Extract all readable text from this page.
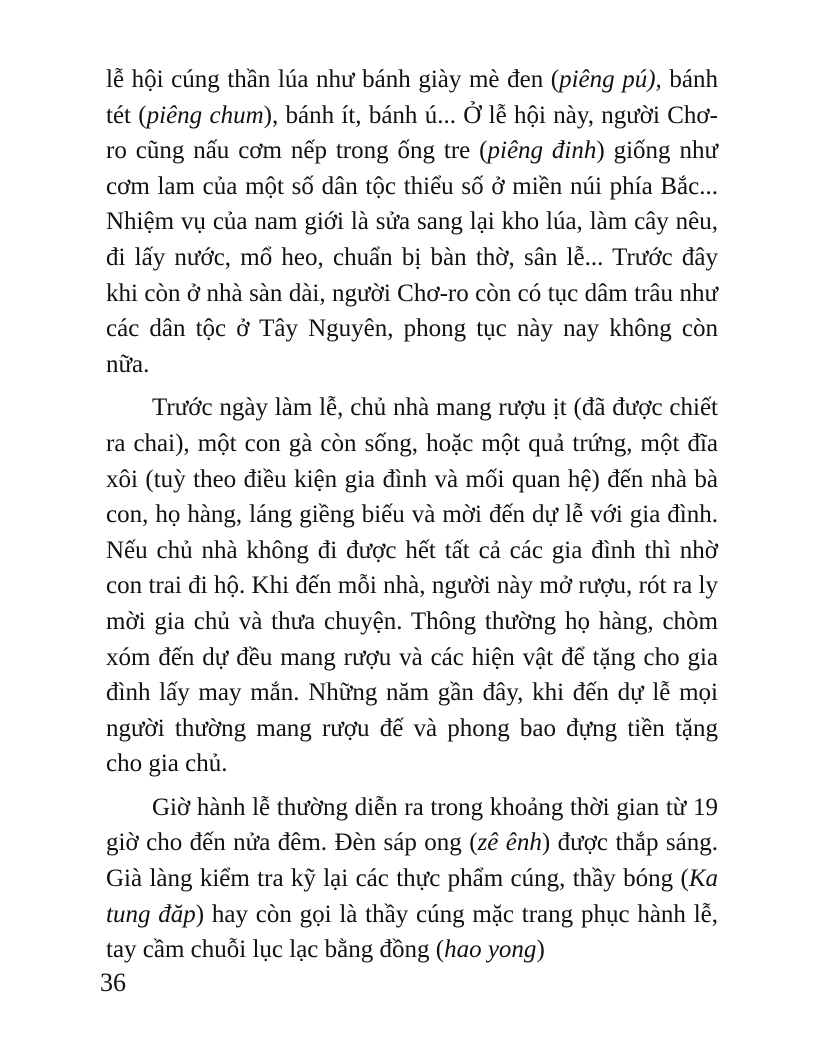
lễ hội cúng thần lúa như bánh giày mè đen (piêng pú), bánh tét (piêng chum), bánh ít, bánh ú... Ở lễ hội này, người Chơ-ro cũng nấu cơm nếp trong ống tre (piêng đinh) giống như cơm lam của một số dân tộc thiểu số ở miền núi phía Bắc... Nhiệm vụ của nam giới là sửa sang lại kho lúa, làm cây nêu, đi lấy nước, mổ heo, chuẩn bị bàn thờ, sân lễ... Trước đây khi còn ở nhà sàn dài, người Chơ-ro còn có tục dâm trâu như các dân tộc ở Tây Nguyên, phong tục này nay không còn nữa.

Trước ngày làm lễ, chủ nhà mang rượu ịt (đã được chiết ra chai), một con gà còn sống, hoặc một quả trứng, một đĩa xôi (tuỳ theo điều kiện gia đình và mối quan hệ) đến nhà bà con, họ hàng, láng giềng biếu và mời đến dự lễ với gia đình. Nếu chủ nhà không đi được hết tất cả các gia đình thì nhờ con trai đi hộ. Khi đến mỗi nhà, người này mở rượu, rót ra ly mời gia chủ và thưa chuyện. Thông thường họ hàng, chòm xóm đến dự đều mang rượu và các hiện vật để tặng cho gia đình lấy may mắn. Những năm gần đây, khi đến dự lễ mọi người thường mang rượu đế và phong bao đựng tiền tặng cho gia chủ.

Giờ hành lễ thường diễn ra trong khoảng thời gian từ 19 giờ cho đến nửa đêm. Đèn sáp ong (zê ênh) được thắp sáng. Già làng kiểm tra kỹ lại các thực phẩm cúng, thầy bóng (Ka tung đăp) hay còn gọi là thầy cúng mặc trang phục hành lễ, tay cầm chuỗi lục lạc bằng đồng (hao yong)

36
